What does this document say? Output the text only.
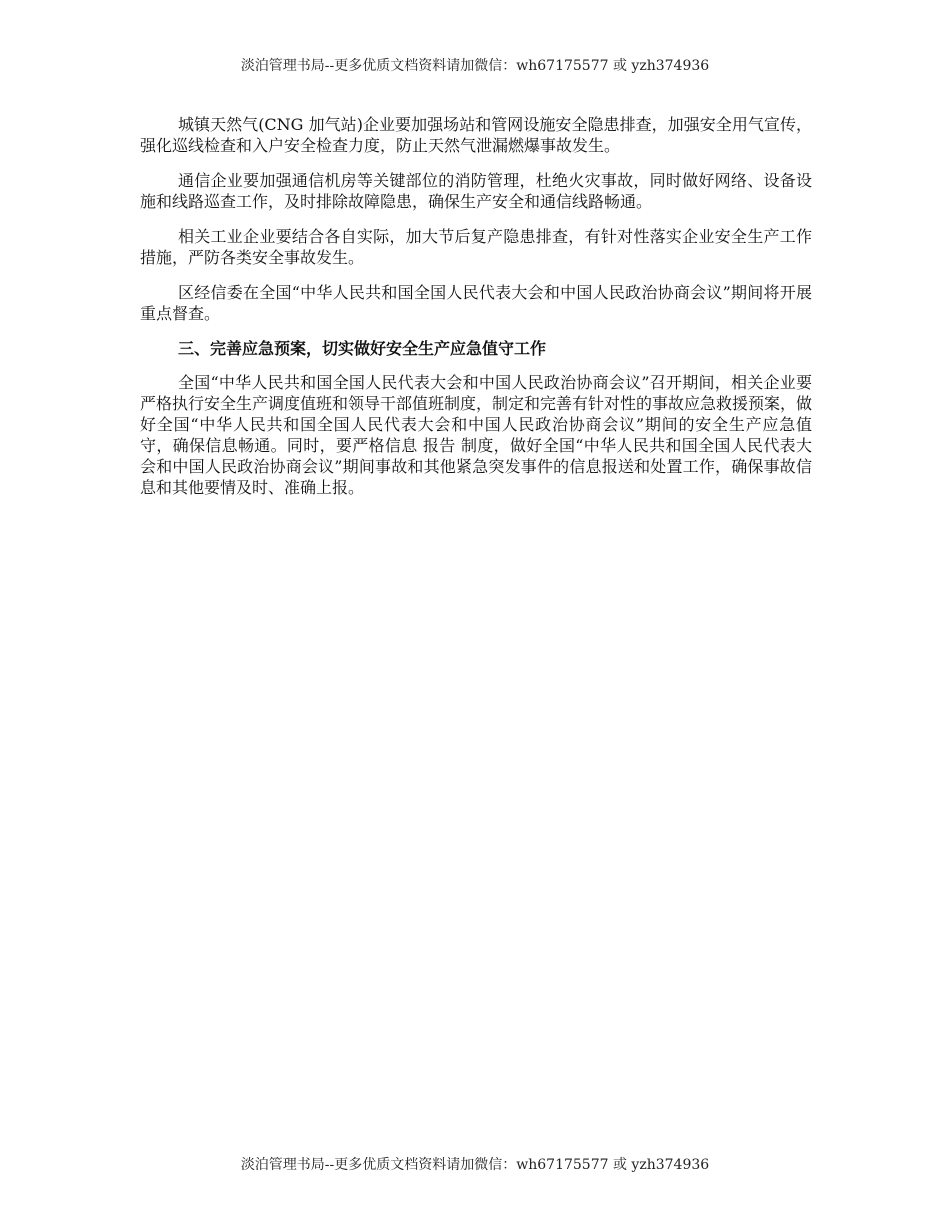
淡泊管理书局--更多优质文档资料请加微信：wh67175577 或 yzh374936

城镇天然气(CNG 加气站)企业要加强场站和管网设施安全隐患排查，加强安全用气宣传，强化巡线检查和入户安全检查力度，防止天然气泄漏燃爆事故发生。

通信企业要加强通信机房等关键部位的消防管理，杜绝火灾事故，同时做好网络、设备设施和线路巡查工作，及时排除故障隐患，确保生产安全和通信线路畅通。

相关工业企业要结合各自实际，加大节后复产隐患排查，有针对性落实企业安全生产工作措施，严防各类安全事故发生。

区经信委在全国“中华人民共和国全国人民代表大会和中国人民政治协商会议”期间将开展重点督查。

三、完善应急预案，切实做好安全生产应急值守工作

全国“中华人民共和国全国人民代表大会和中国人民政治协商会议”召开期间，相关企业要严格执行安全生产调度值班和领导干部值班制度，制定和完善有针对性的事故应急救援预案，做好全国“中华人民共和国全国人民代表大会和中国人民政治协商会议”期间的安全生产应急值守，确保信息畅通。同时，要严格信息 报告 制度，做好全国“中华人民共和国全国人民代表大会和中国人民政治协商会议”期间事故和其他紧急突发事件的信息报送和处置工作，确保事故信息和其他要情及时、准确上报。

淡泊管理书局--更多优质文档资料请加微信：wh67175577 或 yzh374936
